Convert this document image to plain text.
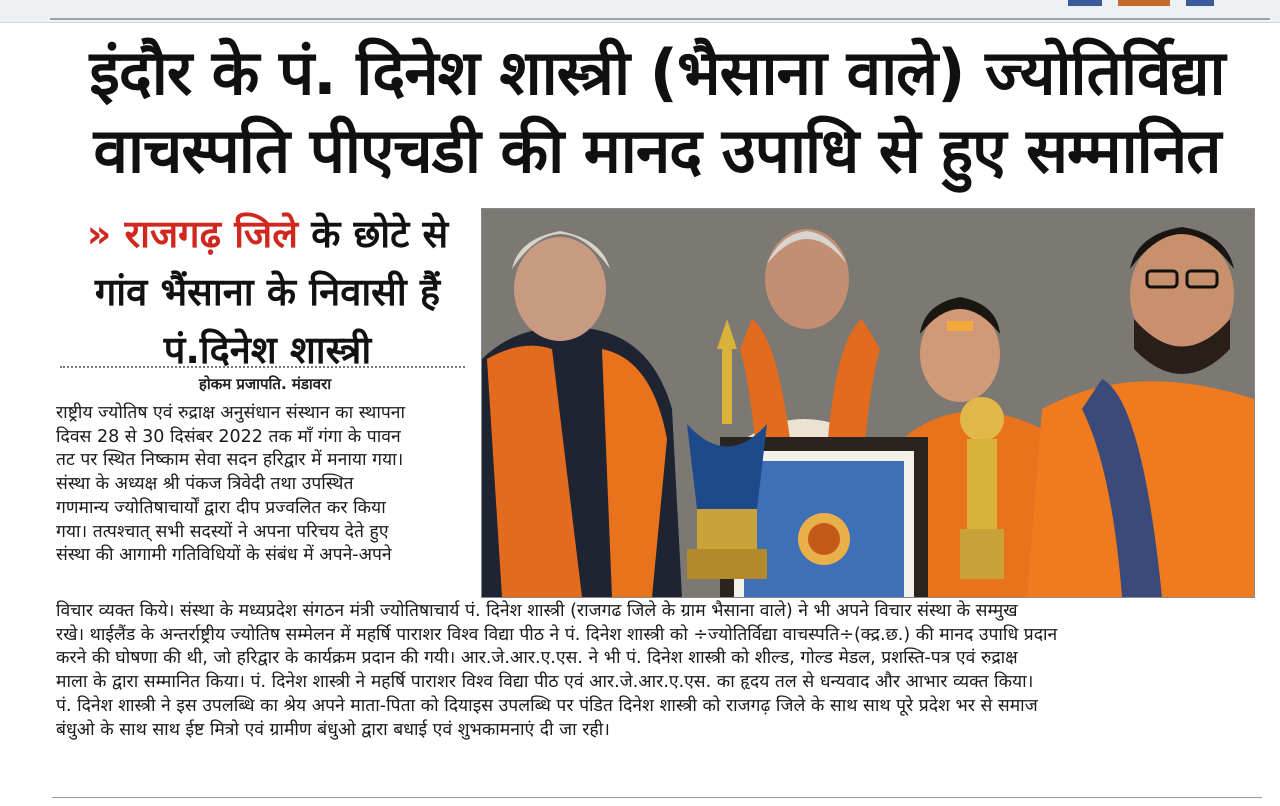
इंदौर के पं. दिनेश शास्त्री (भैसाना वाले) ज्योतिर्विद्या
वाचस्पति पीएचडी की मानद उपाधि से हुए सम्मानित
» राजगढ़ जिले के छोटे से
गांव भैंसाना के निवासी हैं
पं.दिनेश शास्त्री
होकम प्रजापति. मंडावरा

राष्ट्रीय ज्योतिष एवं रुद्राक्ष अनुसंधान संस्थान का स्थापना

दिवस 28 से 30 दिसंबर 2022 तक माँ गंगा के पावन

तट पर स्थित निष्काम सेवा सदन हरिद्वार में मनाया गया।

संस्था के अध्यक्ष श्री पंकज त्रिवेदी तथा उपस्थित

गणमान्य ज्योतिषाचार्यों द्वारा दीप प्रज्वलित कर किया

गया। तत्पश्चात् सभी सदस्यों ने अपना परिचय देते हुए

संस्था की आगामी गतिविधियों के संबंध में अपने-अपने

विचार व्यक्त किये। संस्था के मध्यप्रदेश संगठन मंत्री ज्योतिषाचार्य पं. दिनेश शास्त्री (राजगढ जिले के ग्राम भैसाना वाले) ने भी अपने विचार संस्था के सम्मुख

रखे। थाईलैंड के अन्तर्राष्ट्रीय ज्योतिष सम्मेलन में महर्षि पाराशर विश्व विद्या पीठ ने पं. दिनेश शास्त्री को ÷ज्योतिर्विद्या वाचस्पति÷(क्द्र.छ.) की मानद उपाधि प्रदान

करने की घोषणा की थी, जो हरिद्वार के कार्यक्रम प्रदान की गयी। आर.जे.आर.ए.एस. ने भी पं. दिनेश शास्त्री को शील्ड, गोल्ड मेडल, प्रशस्ति-पत्र एवं रुद्राक्ष

माला के द्वारा सम्मानित किया। पं. दिनेश शास्त्री ने महर्षि पाराशर विश्व विद्या पीठ एवं आर.जे.आर.ए.एस. का हृदय तल से धन्यवाद और आभार व्यक्त किया।

पं. दिनेश शास्त्री ने इस उपलब्धि का श्रेय अपने माता-पिता को दियाइस उपलब्धि पर पंडित दिनेश शास्त्री को राजगढ़ जिले के साथ साथ पूरे प्रदेश भर से समाज

बंधुओ के साथ साथ ईष्ट मित्रो एवं ग्रामीण बंधुओ द्वारा बधाई एवं शुभकामनाएं दी जा रही।
